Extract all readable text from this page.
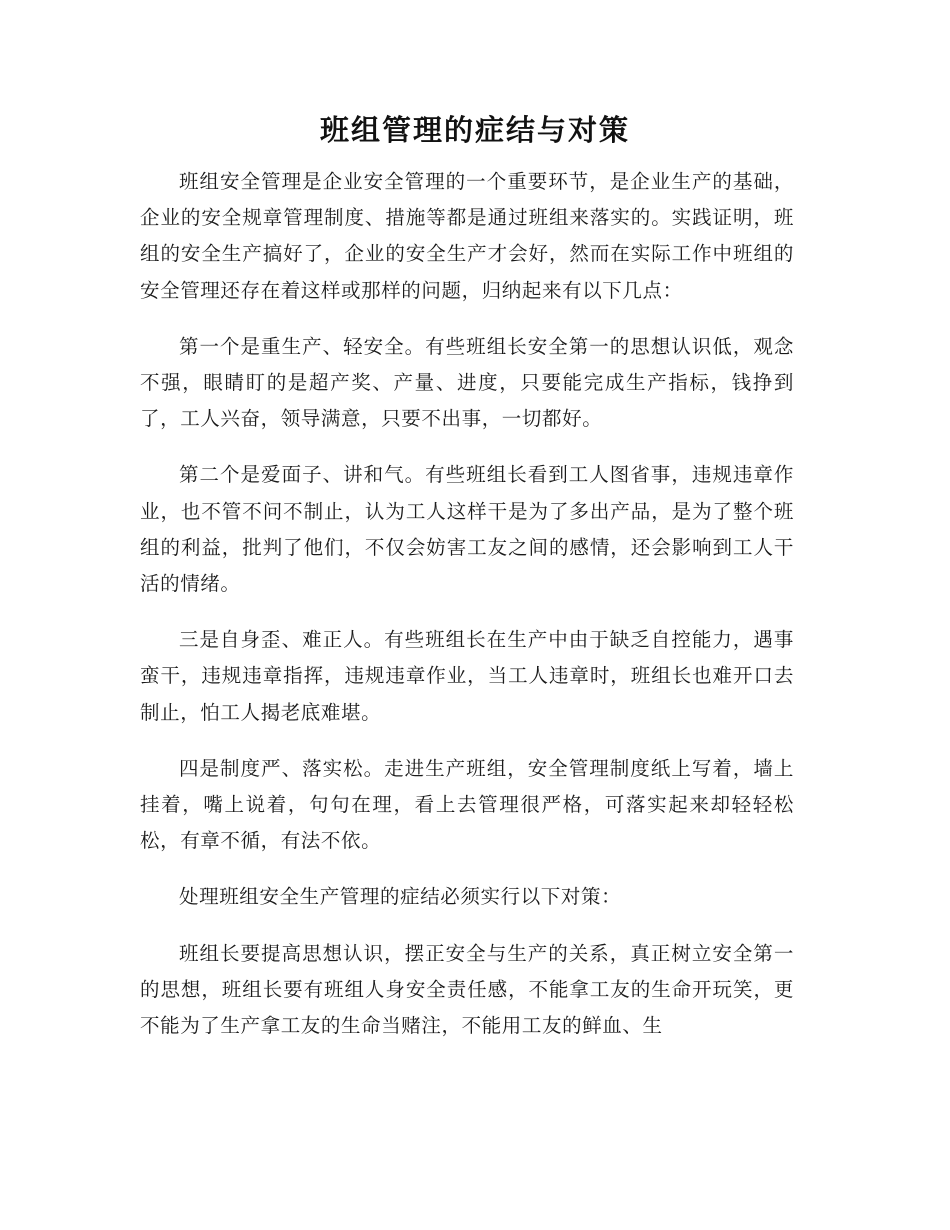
班组管理的症结与对策

班组安全管理是企业安全管理的一个重要环节，是企业生产的基础，企业的安全规章管理制度、措施等都是通过班组来落实的。实践证明，班组的安全生产搞好了，企业的安全生产才会好，然而在实际工作中班组的安全管理还存在着这样或那样的问题，归纳起来有以下几点：

第一个是重生产、轻安全。有些班组长安全第一的思想认识低，观念不强，眼睛盯的是超产奖、产量、进度，只要能完成生产指标，钱挣到了，工人兴奋，领导满意，只要不出事，一切都好。

第二个是爱面子、讲和气。有些班组长看到工人图省事，违规违章作业，也不管不问不制止，认为工人这样干是为了多出产品，是为了整个班组的利益，批判了他们，不仅会妨害工友之间的感情，还会影响到工人干活的情绪。

三是自身歪、难正人。有些班组长在生产中由于缺乏自控能力，遇事蛮干，违规违章指挥，违规违章作业，当工人违章时，班组长也难开口去制止，怕工人揭老底难堪。

四是制度严、落实松。走进生产班组，安全管理制度纸上写着，墙上挂着，嘴上说着，句句在理，看上去管理很严格，可落实起来却轻轻松松，有章不循，有法不依。

处理班组安全生产管理的症结必须实行以下对策：

班组长要提高思想认识，摆正安全与生产的关系，真正树立安全第一的思想，班组长要有班组人身安全责任感，不能拿工友的生命开玩笑，更不能为了生产拿工友的生命当赌注，不能用工友的鲜血、生
